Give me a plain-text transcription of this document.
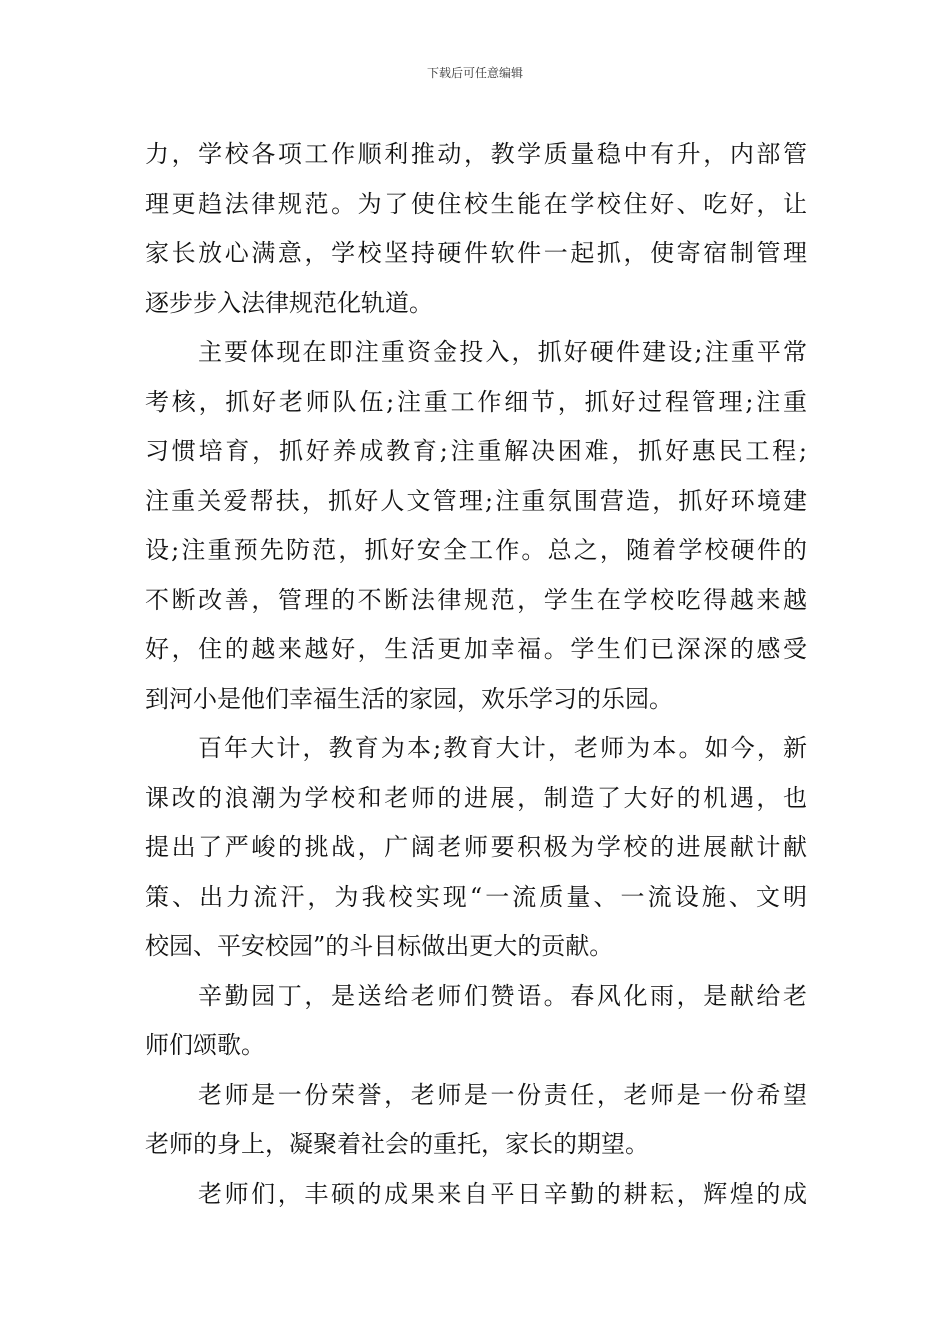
下载后可任意编辑
力，学校各项工作顺利推动，教学质量稳中有升，内部管
理更趋法律规范。为了使住校生能在学校住好、吃好，让
家长放心满意，学校坚持硬件软件一起抓，使寄宿制管理
逐步步入法律规范化轨道。
主要体现在即注重资金投入，抓好硬件建设;注重平常
考核，抓好老师队伍;注重工作细节，抓好过程管理;注重
习惯培育，抓好养成教育;注重解决困难，抓好惠民工程;
注重关爱帮扶，抓好人文管理;注重氛围营造，抓好环境建
设;注重预先防范，抓好安全工作。总之，随着学校硬件的
不断改善，管理的不断法律规范，学生在学校吃得越来越
好，住的越来越好，生活更加幸福。学生们已深深的感受
到河小是他们幸福生活的家园，欢乐学习的乐园。
百年大计，教育为本;教育大计，老师为本。如今，新
课改的浪潮为学校和老师的进展，制造了大好的机遇，也
提出了严峻的挑战，广阔老师要积极为学校的进展献计献
策、出力流汗，为我校实现“一流质量、一流设施、文明
校园、平安校园”的斗目标做出更大的贡献。
辛勤园丁，是送给老师们赞语。春风化雨，是献给老
师们颂歌。
老师是一份荣誉，老师是一份责任，老师是一份希望
老师的身上，凝聚着社会的重托，家长的期望。
老师们，丰硕的成果来自平日辛勤的耕耘，辉煌的成
